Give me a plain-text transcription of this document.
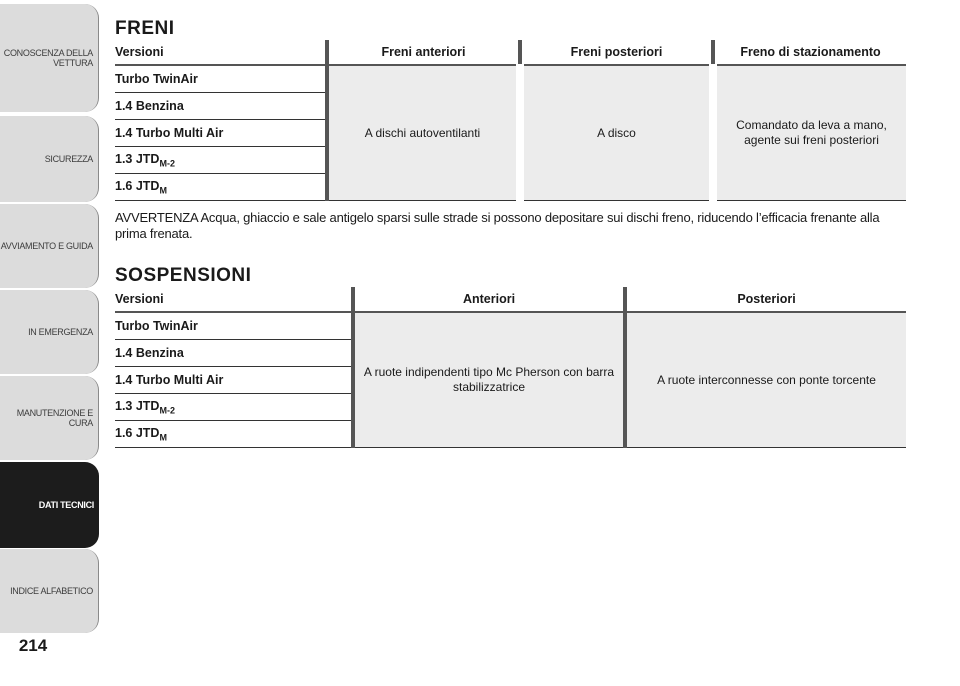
CONOSCENZA DELLA VETTURA
SICUREZZA
AVVIAMENTO E GUIDA
IN EMERGENZA
MANUTENZIONE E CURA
DATI TECNICI
INDICE ALFABETICO
214
FRENI
Versioni	Freni anteriori	Freni posteriori	Freno di stazionamento
Turbo TwinAir	A dischi autoventilanti	A disco	Comandato da leva a mano, agente sui freni posteriori
1.4 Benzina			
1.4 Turbo Multi Air			
1.3 $JTD_{M-2}$
1.6 $JTD_M$

AVVERTENZA Acqua, ghiaccio e sale antigelo sparsi sulle strade si possono depositare sui dischi freno, riducendo l’efficacia frenante alla prima frenata.

SOSPENSIONI
Versioni	Anteriori	Posteriori
Turbo TwinAir	A ruote indipendenti tipo Mc Pherson con barra stabilizzatrice	A ruote interconnesse con ponte torcente
1.4 Benzina		
1.4 Turbo Multi Air		
1.3 $JTD_{M-2}$
1.6 $JTD_M$
